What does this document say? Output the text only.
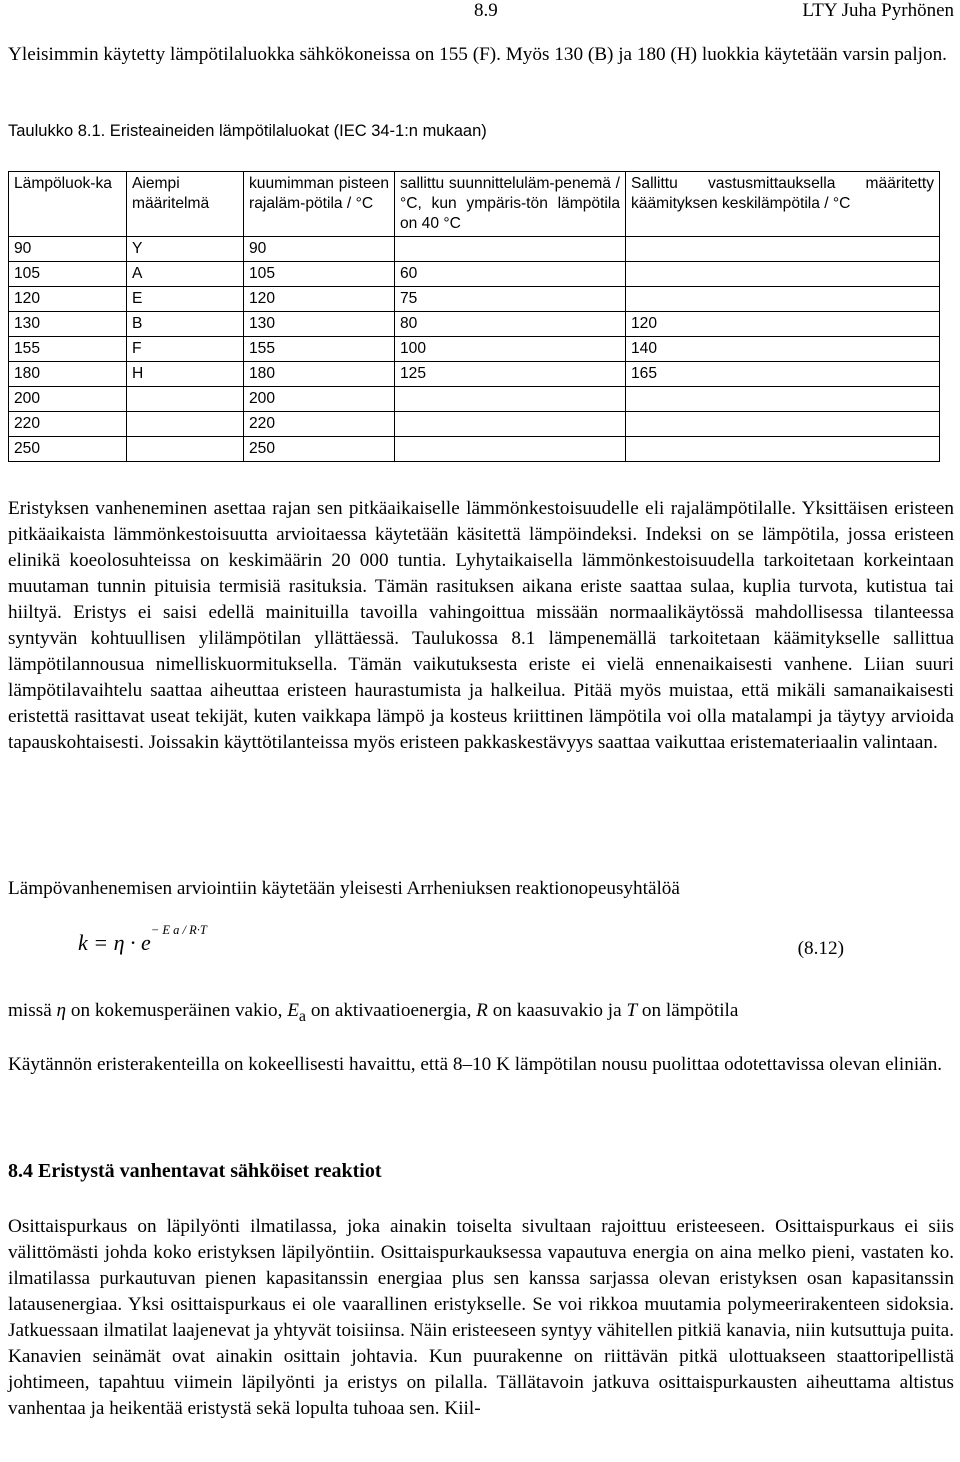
8.9	LTY Juha Pyrhönen

Yleisimmin käytetty lämpötilaluokka sähkökoneissa on 155 (F). Myös 130 (B) ja 180 (H) luokkia käytetään varsin paljon.

Taulukko 8.1. Eristeaineiden lämpötilaluokat (IEC 34-1:n mukaan)
Lämpöluok-ka	Aiempi määritelmä	kuumimman pisteen rajaläm-pötila / °C	sallittu suunnitteluläm-penemä / °C, kun ympäris-tön lämpötila on 40 °C	Sallittu vastusmittauksella määritetty käämityksen keskilämpötila / °C
90	Y	90		
105	A	105	60	
120	E	120	75	
130	B	130	80	120
155	F	155	100	140
180	H	180	125	165
200		200		
220		220		
250		250		

Eristyksen vanheneminen asettaa rajan sen pitkäaikaiselle lämmönkestoisuudelle eli rajalämpötilalle. Yksittäisen eristeen pitkäaikaista lämmönkestoisuutta arvioitaessa käytetään käsitettä lämpöindeksi. Indeksi on se lämpötila, jossa eristeen elinikä koeolosuhteissa on keskimäärin 20 000 tuntia. Lyhytaikaisella lämmönkestoisuudella tarkoitetaan korkeintaan muutaman tunnin pituisia termisiä rasituksia. Tämän rasituksen aikana eriste saattaa sulaa, kuplia turvota, kutistua tai hiiltyä. Eristys ei saisi edellä mainituilla tavoilla vahingoittua missään normaalikäytössä mahdollisessa tilanteessa syntyvän kohtuullisen ylilämpötilan yllättäessä. Taulukossa 8.1 lämpenemällä tarkoitetaan käämitykselle sallittua lämpötilannousua nimelliskuormituksella. Tämän vaikutuksesta eriste ei vielä ennenaikaisesti vanhene. Liian suuri lämpötilavaihtelu saattaa aiheuttaa eristeen haurastumista ja halkeilua. Pitää myös muistaa, että mikäli samanaikaisesti eristettä rasittavat useat tekijät, kuten vaikkapa lämpö ja kosteus kriittinen lämpötila voi olla matalampi ja täytyy arvioida tapauskohtaisesti. Joissakin käyttötilanteissa myös eristeen pakkaskestävyys saattaa vaikuttaa eristemateriaalin valintaan.

Lämpövanhenemisen arviointiin käytetään yleisesti Arrheniuksen reaktionopeusyhtälöä

$k = \eta \cdot e^{- E a / R\cdot T}$
(8.12)

missä η on kokemusperäinen vakio, $E_a$ on aktivaatioenergia, R on kaasuvakio ja T on lämpötila

Käytännön eristerakenteilla on kokeellisesti havaittu, että 8–10 K lämpötilan nousu puolittaa odotettavissa olevan eliniän.

8.4 Eristystä vanhentavat sähköiset reaktiot

Osittaispurkaus on läpilyönti ilmatilassa, joka ainakin toiselta sivultaan rajoittuu eristeeseen. Osittaispurkaus ei siis välittömästi johda koko eristyksen läpilyöntiin. Osittaispurkauksessa vapautuva energia on aina melko pieni, vastaten ko. ilmatilassa purkautuvan pienen kapasitanssin energiaa plus sen kanssa sarjassa olevan eristyksen osan kapasitanssin latausenergiaa. Yksi osittaispurkaus ei ole vaarallinen eristykselle. Se voi rikkoa muutamia polymeerirakenteen sidoksia. Jatkuessaan ilmatilat laajenevat ja yhtyvät toisiinsa. Näin eristeeseen syntyy vähitellen pitkiä kanavia, niin kutsuttuja puita. Kanavien seinämät ovat ainakin osittain johtavia. Kun puurakenne on riittävän pitkä ulottuakseen staattoripellistä johtimeen, tapahtuu viimein läpilyönti ja eristys on pilalla. Tällätavoin jatkuva osittaispurkausten aiheuttama altistus vanhentaa ja heikentää eristystä sekä lopulta tuhoaa sen. Kiil-
